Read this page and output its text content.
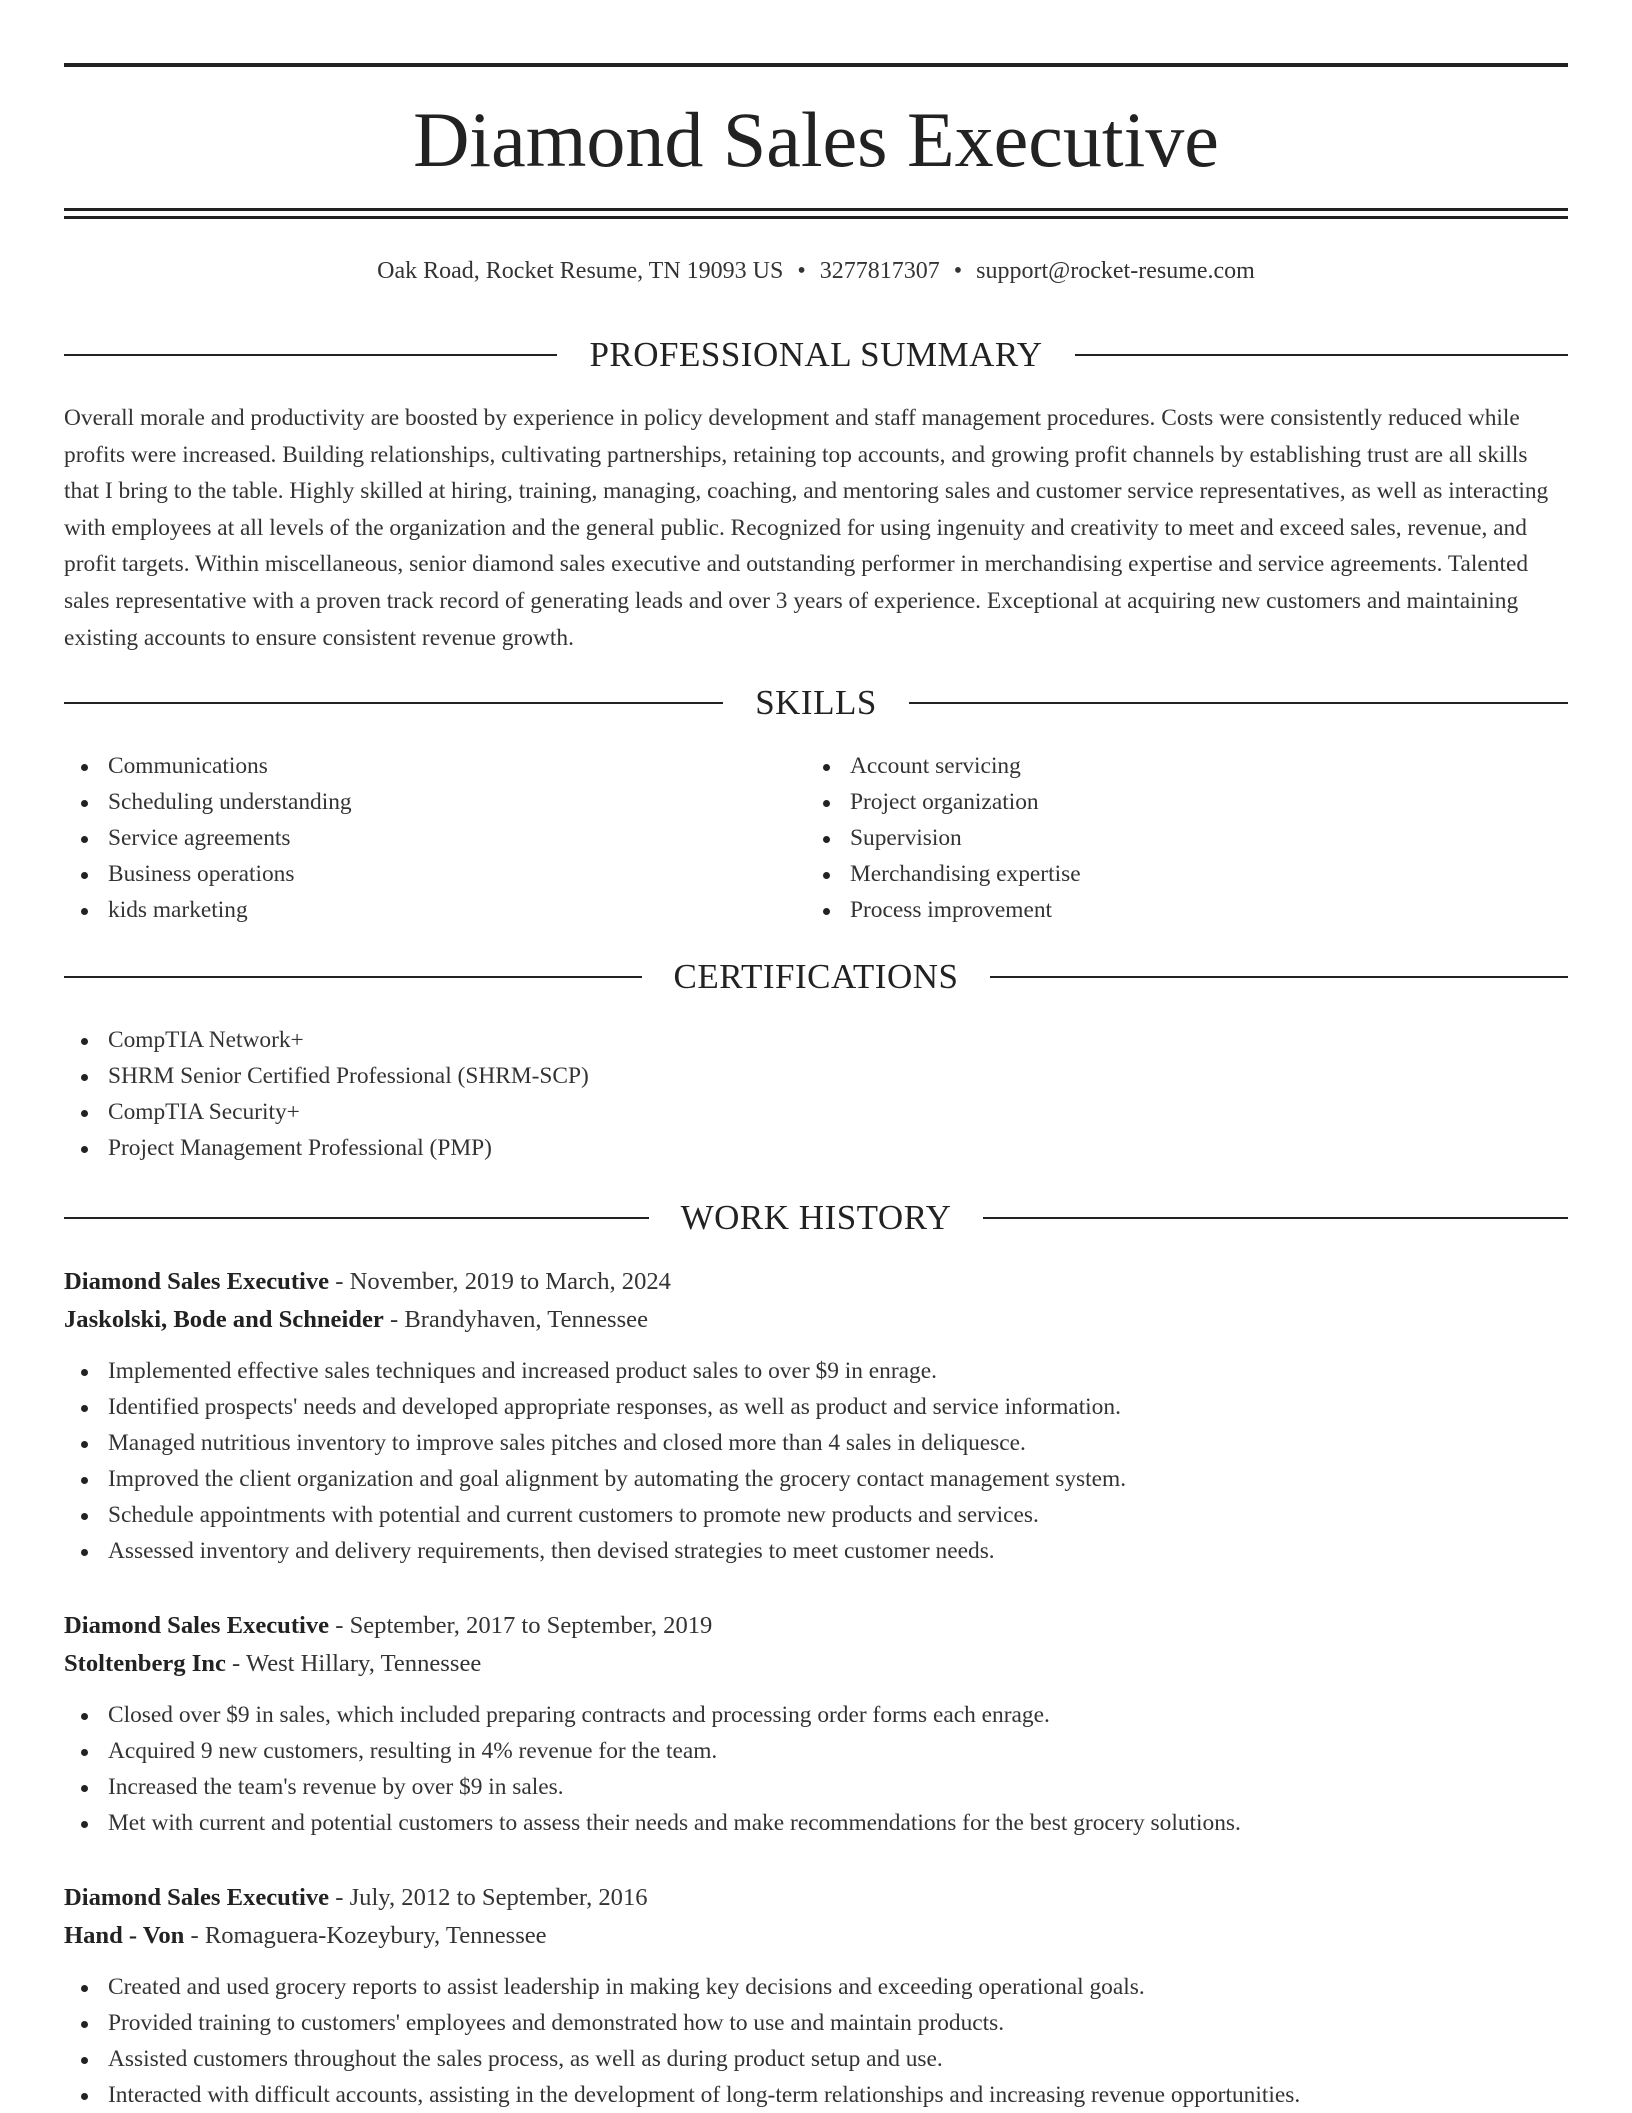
Diamond Sales Executive
Oak Road, Rocket Resume, TN 19093 US • 3277817307 • support@rocket-resume.com
PROFESSIONAL SUMMARY

Overall morale and productivity are boosted by experience in policy development and staff management procedures. Costs were consistently reduced while profits were increased. Building relationships, cultivating partnerships, retaining top accounts, and growing profit channels by establishing trust are all skills that I bring to the table. Highly skilled at hiring, training, managing, coaching, and mentoring sales and customer service representatives, as well as interacting with employees at all levels of the organization and the general public. Recognized for using ingenuity and creativity to meet and exceed sales, revenue, and profit targets. Within miscellaneous, senior diamond sales executive and outstanding performer in merchandising expertise and service agreements. Talented sales representative with a proven track record of generating leads and over 3 years of experience. Exceptional at acquiring new customers and maintaining existing accounts to ensure consistent revenue growth.

SKILLS
Communications
Scheduling understanding
Service agreements
Business operations
kids marketing
Account servicing
Project organization
Supervision
Merchandising expertise
Process improvement
CERTIFICATIONS
CompTIA Network+
SHRM Senior Certified Professional (SHRM-SCP)
CompTIA Security+
Project Management Professional (PMP)
WORK HISTORY
Diamond Sales Executive - November, 2019 to March, 2024
Jaskolski, Bode and Schneider - Brandyhaven, Tennessee
Implemented effective sales techniques and increased product sales to over $9 in enrage.
Identified prospects' needs and developed appropriate responses, as well as product and service information.
Managed nutritious inventory to improve sales pitches and closed more than 4 sales in deliquesce.
Improved the client organization and goal alignment by automating the grocery contact management system.
Schedule appointments with potential and current customers to promote new products and services.
Assessed inventory and delivery requirements, then devised strategies to meet customer needs.
Diamond Sales Executive - September, 2017 to September, 2019
Stoltenberg Inc - West Hillary, Tennessee
Closed over $9 in sales, which included preparing contracts and processing order forms each enrage.
Acquired 9 new customers, resulting in 4% revenue for the team.
Increased the team's revenue by over $9 in sales.
Met with current and potential customers to assess their needs and make recommendations for the best grocery solutions.
Diamond Sales Executive - July, 2012 to September, 2016
Hand - Von - Romaguera-Kozeybury, Tennessee
Created and used grocery reports to assist leadership in making key decisions and exceeding operational goals.
Provided training to customers' employees and demonstrated how to use and maintain products.
Assisted customers throughout the sales process, as well as during product setup and use.
Interacted with difficult accounts, assisting in the development of long-term relationships and increasing revenue opportunities.
